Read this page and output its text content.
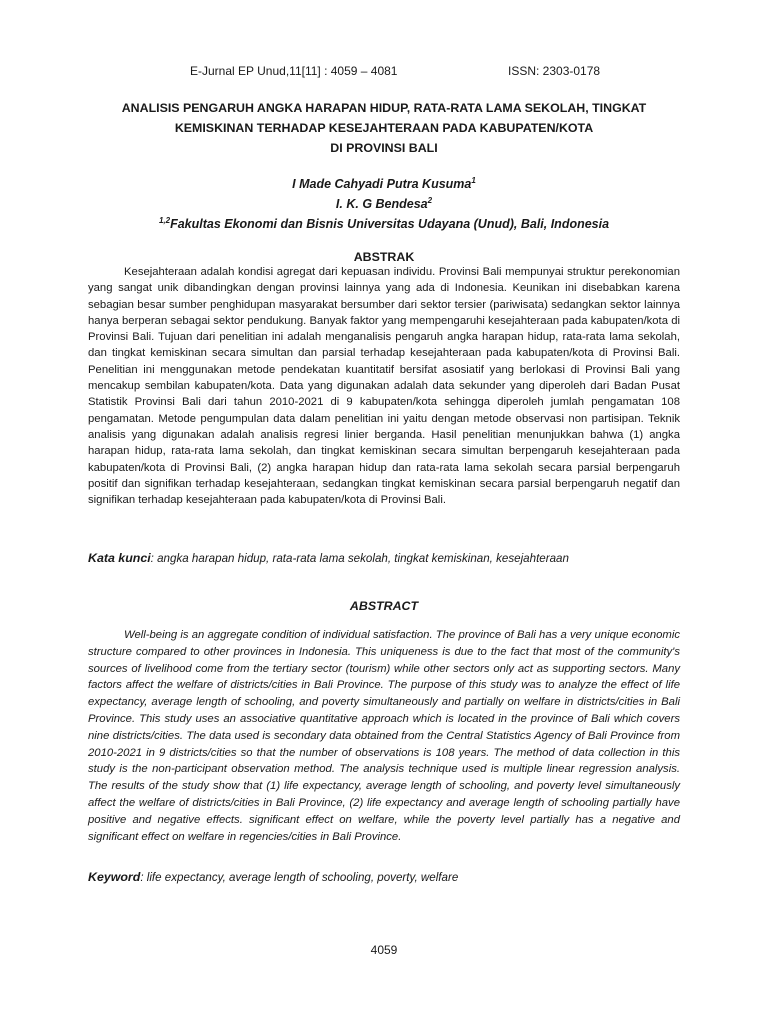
E-Jurnal EP Unud,11[11] : 4059 – 4081	ISSN: 2303-0178
ANALISIS PENGARUH ANGKA HARAPAN HIDUP, RATA-RATA LAMA SEKOLAH, TINGKAT
KEMISKINAN TERHADAP KESEJAHTERAAN PADA KABUPATEN/KOTA
DI PROVINSI BALI
I Made Cahyadi Putra Kusuma$^1$
I. K. G Bendesa$^2$
$^{1,2}$Fakultas Ekonomi dan Bisnis Universitas Udayana (Unud), Bali, Indonesia
ABSTRAK
Kesejahteraan adalah kondisi agregat dari kepuasan individu. Provinsi Bali mempunyai struktur perekonomian yang sangat unik dibandingkan dengan provinsi lainnya yang ada di Indonesia. Keunikan ini disebabkan karena sebagian besar sumber penghidupan masyarakat bersumber dari sektor tersier (pariwisata) sedangkan sektor lainnya hanya berperan sebagai sektor pendukung. Banyak faktor yang mempengaruhi kesejahteraan pada kabupaten/kota di Provinsi Bali. Tujuan dari penelitian ini adalah menganalisis pengaruh angka harapan hidup, rata-rata lama sekolah, dan tingkat kemiskinan secara simultan dan parsial terhadap kesejahteraan pada kabupaten/kota di Provinsi Bali. Penelitian ini menggunakan metode pendekatan kuantitatif bersifat asosiatif yang berlokasi di Provinsi Bali yang mencakup sembilan kabupaten/kota. Data yang digunakan adalah data sekunder yang diperoleh dari Badan Pusat Statistik Provinsi Bali dari tahun 2010-2021 di 9 kabupaten/kota sehingga diperoleh jumlah pengamatan 108 pengamatan. Metode pengumpulan data dalam penelitian ini yaitu dengan metode observasi non partisipan. Teknik analisis yang digunakan adalah analisis regresi linier berganda. Hasil penelitian menunjukkan bahwa (1) angka harapan hidup, rata-rata lama sekolah, dan tingkat kemiskinan secara simultan berpengaruh kesejahteraan pada kabupaten/kota di Provinsi Bali, (2) angka harapan hidup dan rata-rata lama sekolah secara parsial berpengaruh positif dan signifikan terhadap kesejahteraan, sedangkan tingkat kemiskinan secara parsial berpengaruh negatif dan signifikan terhadap kesejahteraan pada kabupaten/kota di Provinsi Bali.
Kata kunci: angka harapan hidup, rata-rata lama sekolah, tingkat kemiskinan, kesejahteraan
ABSTRACT
Well-being is an aggregate condition of individual satisfaction. The province of Bali has a very unique economic structure compared to other provinces in Indonesia. This uniqueness is due to the fact that most of the community's sources of livelihood come from the tertiary sector (tourism) while other sectors only act as supporting sectors. Many factors affect the welfare of districts/cities in Bali Province. The purpose of this study was to analyze the effect of life expectancy, average length of schooling, and poverty simultaneously and partially on welfare in districts/cities in Bali Province. This study uses an associative quantitative approach which is located in the province of Bali which covers nine districts/cities. The data used is secondary data obtained from the Central Statistics Agency of Bali Province from 2010-2021 in 9 districts/cities so that the number of observations is 108 years. The method of data collection in this study is the non-participant observation method. The analysis technique used is multiple linear regression analysis. The results of the study show that (1) life expectancy, average length of schooling, and poverty level simultaneously affect the welfare of districts/cities in Bali Province, (2) life expectancy and average length of schooling partially have positive and negative effects. significant effect on welfare, while the poverty level partially has a negative and significant effect on welfare in regencies/cities in Bali Province.
Keyword: life expectancy, average length of schooling, poverty, welfare
4059
